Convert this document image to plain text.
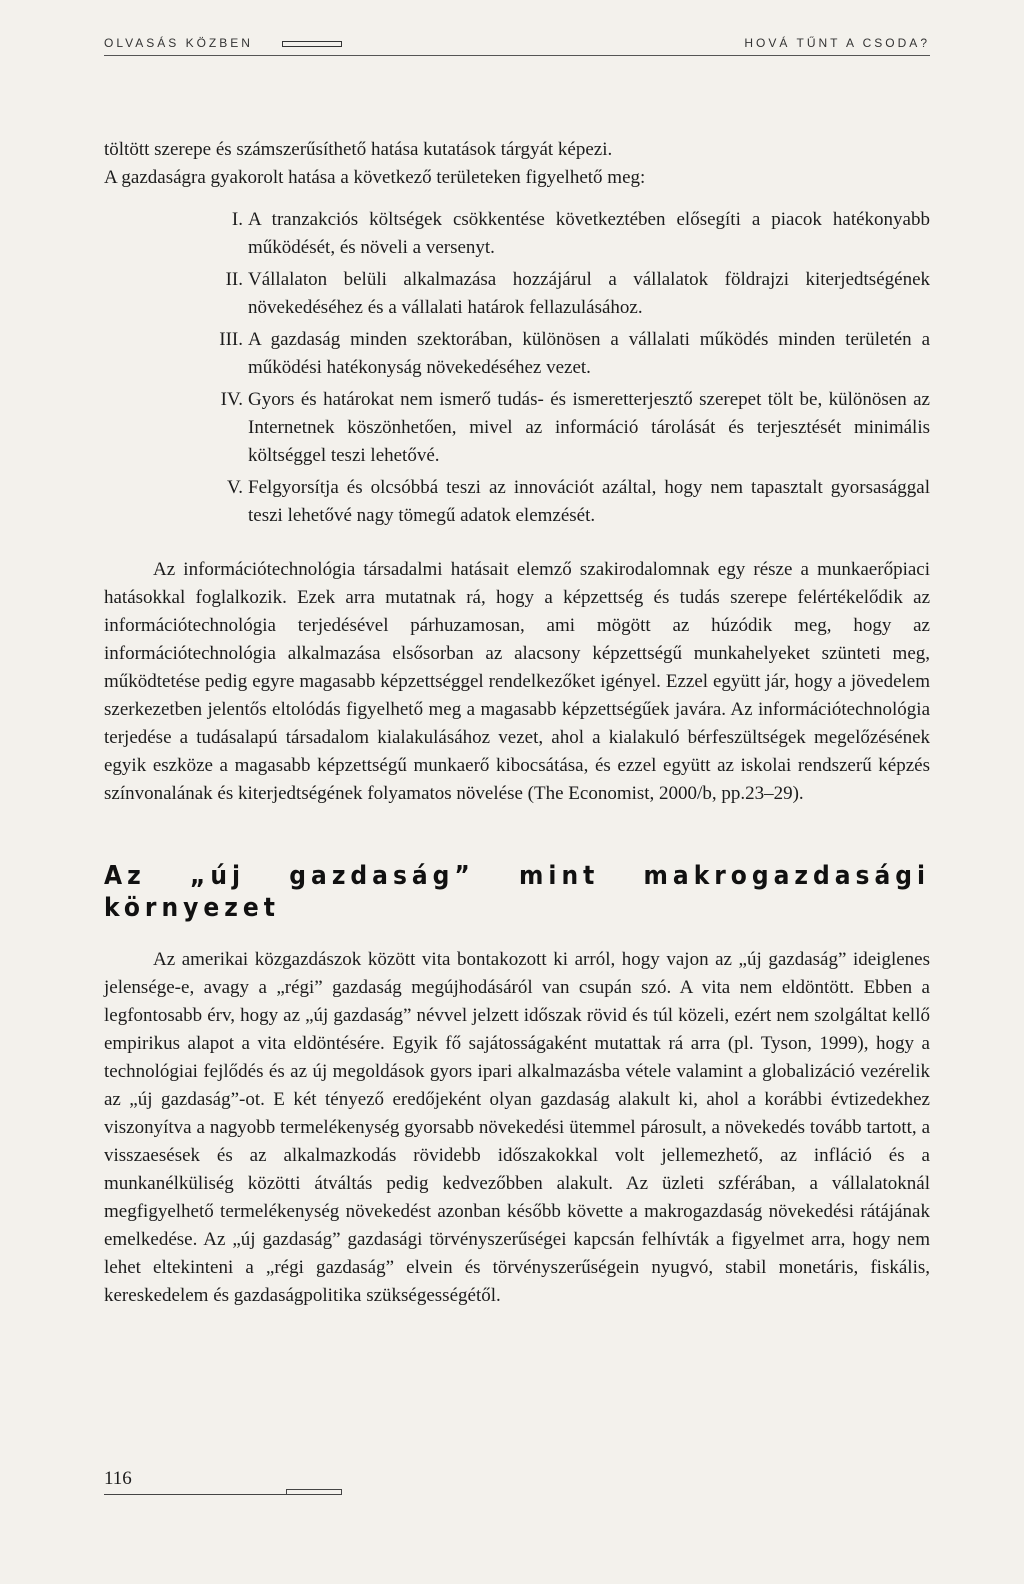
OLVASÁS KÖZBEN	HOVÁ TŰNT A CSODA?

töltött szerepe és számszerűsíthető hatása kutatások tárgyát képezi.

A gazdaságra gyakorolt hatása a következő területeken figyelhető meg:

I. A tranzakciós költségek csökkentése következtében elősegíti a piacok hatékonyabb működését, és növeli a versenyt.
II. Vállalaton belüli alkalmazása hozzájárul a vállalatok földrajzi kiterjedtségének növekedéséhez és a vállalati határok fellazulásához.
III. A gazdaság minden szektorában, különösen a vállalati működés minden területén a működési hatékonyság növekedéséhez vezet.
IV. Gyors és határokat nem ismerő tudás- és ismeretterjesztő szerepet tölt be, különösen az Internetnek köszönhetően, mivel az információ tárolását és terjesztését minimális költséggel teszi lehetővé.
V. Felgyorsítja és olcsóbbá teszi az innovációt azáltal, hogy nem tapasztalt gyorsasággal teszi lehetővé nagy tömegű adatok elemzését.

Az információtechnológia társadalmi hatásait elemző szakirodalomnak egy része a munkaerőpiaci hatásokkal foglalkozik. Ezek arra mutatnak rá, hogy a képzettség és tudás szerepe felértékelődik az információtechnológia terjedésével párhuzamosan, ami mögött az húzódik meg, hogy az információtechnológia alkalmazása elsősorban az alacsony képzettségű munkahelyeket szünteti meg, működtetése pedig egyre magasabb képzettséggel rendelkezőket igényel. Ezzel együtt jár, hogy a jövedelem szerkezetben jelentős eltolódás figyelhető meg a magasabb képzettségűek javára. Az információtechnológia terjedése a tudásalapú társadalom kialakulásához vezet, ahol a kialakuló bérfeszültségek megelőzésének egyik eszköze a magasabb képzettségű munkaerő kibocsátása, és ezzel együtt az iskolai rendszerű képzés színvonalának és kiterjedtségének folyamatos növelése (The Economist, 2000/b, pp.23–29).

Az „új gazdaság” mint makrogazdasági környezet

Az amerikai közgazdászok között vita bontakozott ki arról, hogy vajon az „új gazdaság” ideiglenes jelensége-e, avagy a „régi” gazdaság megújhodásáról van csupán szó. A vita nem eldöntött. Ebben a legfontosabb érv, hogy az „új gazdaság” névvel jelzett időszak rövid és túl közeli, ezért nem szolgáltat kellő empirikus alapot a vita eldöntésére. Egyik fő sajátosságaként mutattak rá arra (pl. Tyson, 1999), hogy a technológiai fejlődés és az új megoldások gyors ipari alkalmazásba vétele valamint a globalizáció vezérelik az „új gazdaság”-ot. E két tényező eredőjeként olyan gazdaság alakult ki, ahol a korábbi évtizedekhez viszonyítva a nagyobb termelékenység gyorsabb növekedési ütemmel párosult, a növekedés tovább tartott, a visszaesések és az alkalmazkodás rövidebb időszakokkal volt jellemezhető, az infláció és a munkanélküliség közötti átváltás pedig kedvezőbben alakult. Az üzleti szférában, a vállalatoknál megfigyelhető termelékenység növekedést azonban később követte a makrogazdaság növekedési rátájának emelkedése. Az „új gazdaság” gazdasági törvényszerűségei kapcsán felhívták a figyelmet arra, hogy nem lehet eltekinteni a „régi gazdaság” elvein és törvényszerűségein nyugvó, stabil monetáris, fiskális, kereskedelem és gazdaságpolitika szükségességétől.

116
